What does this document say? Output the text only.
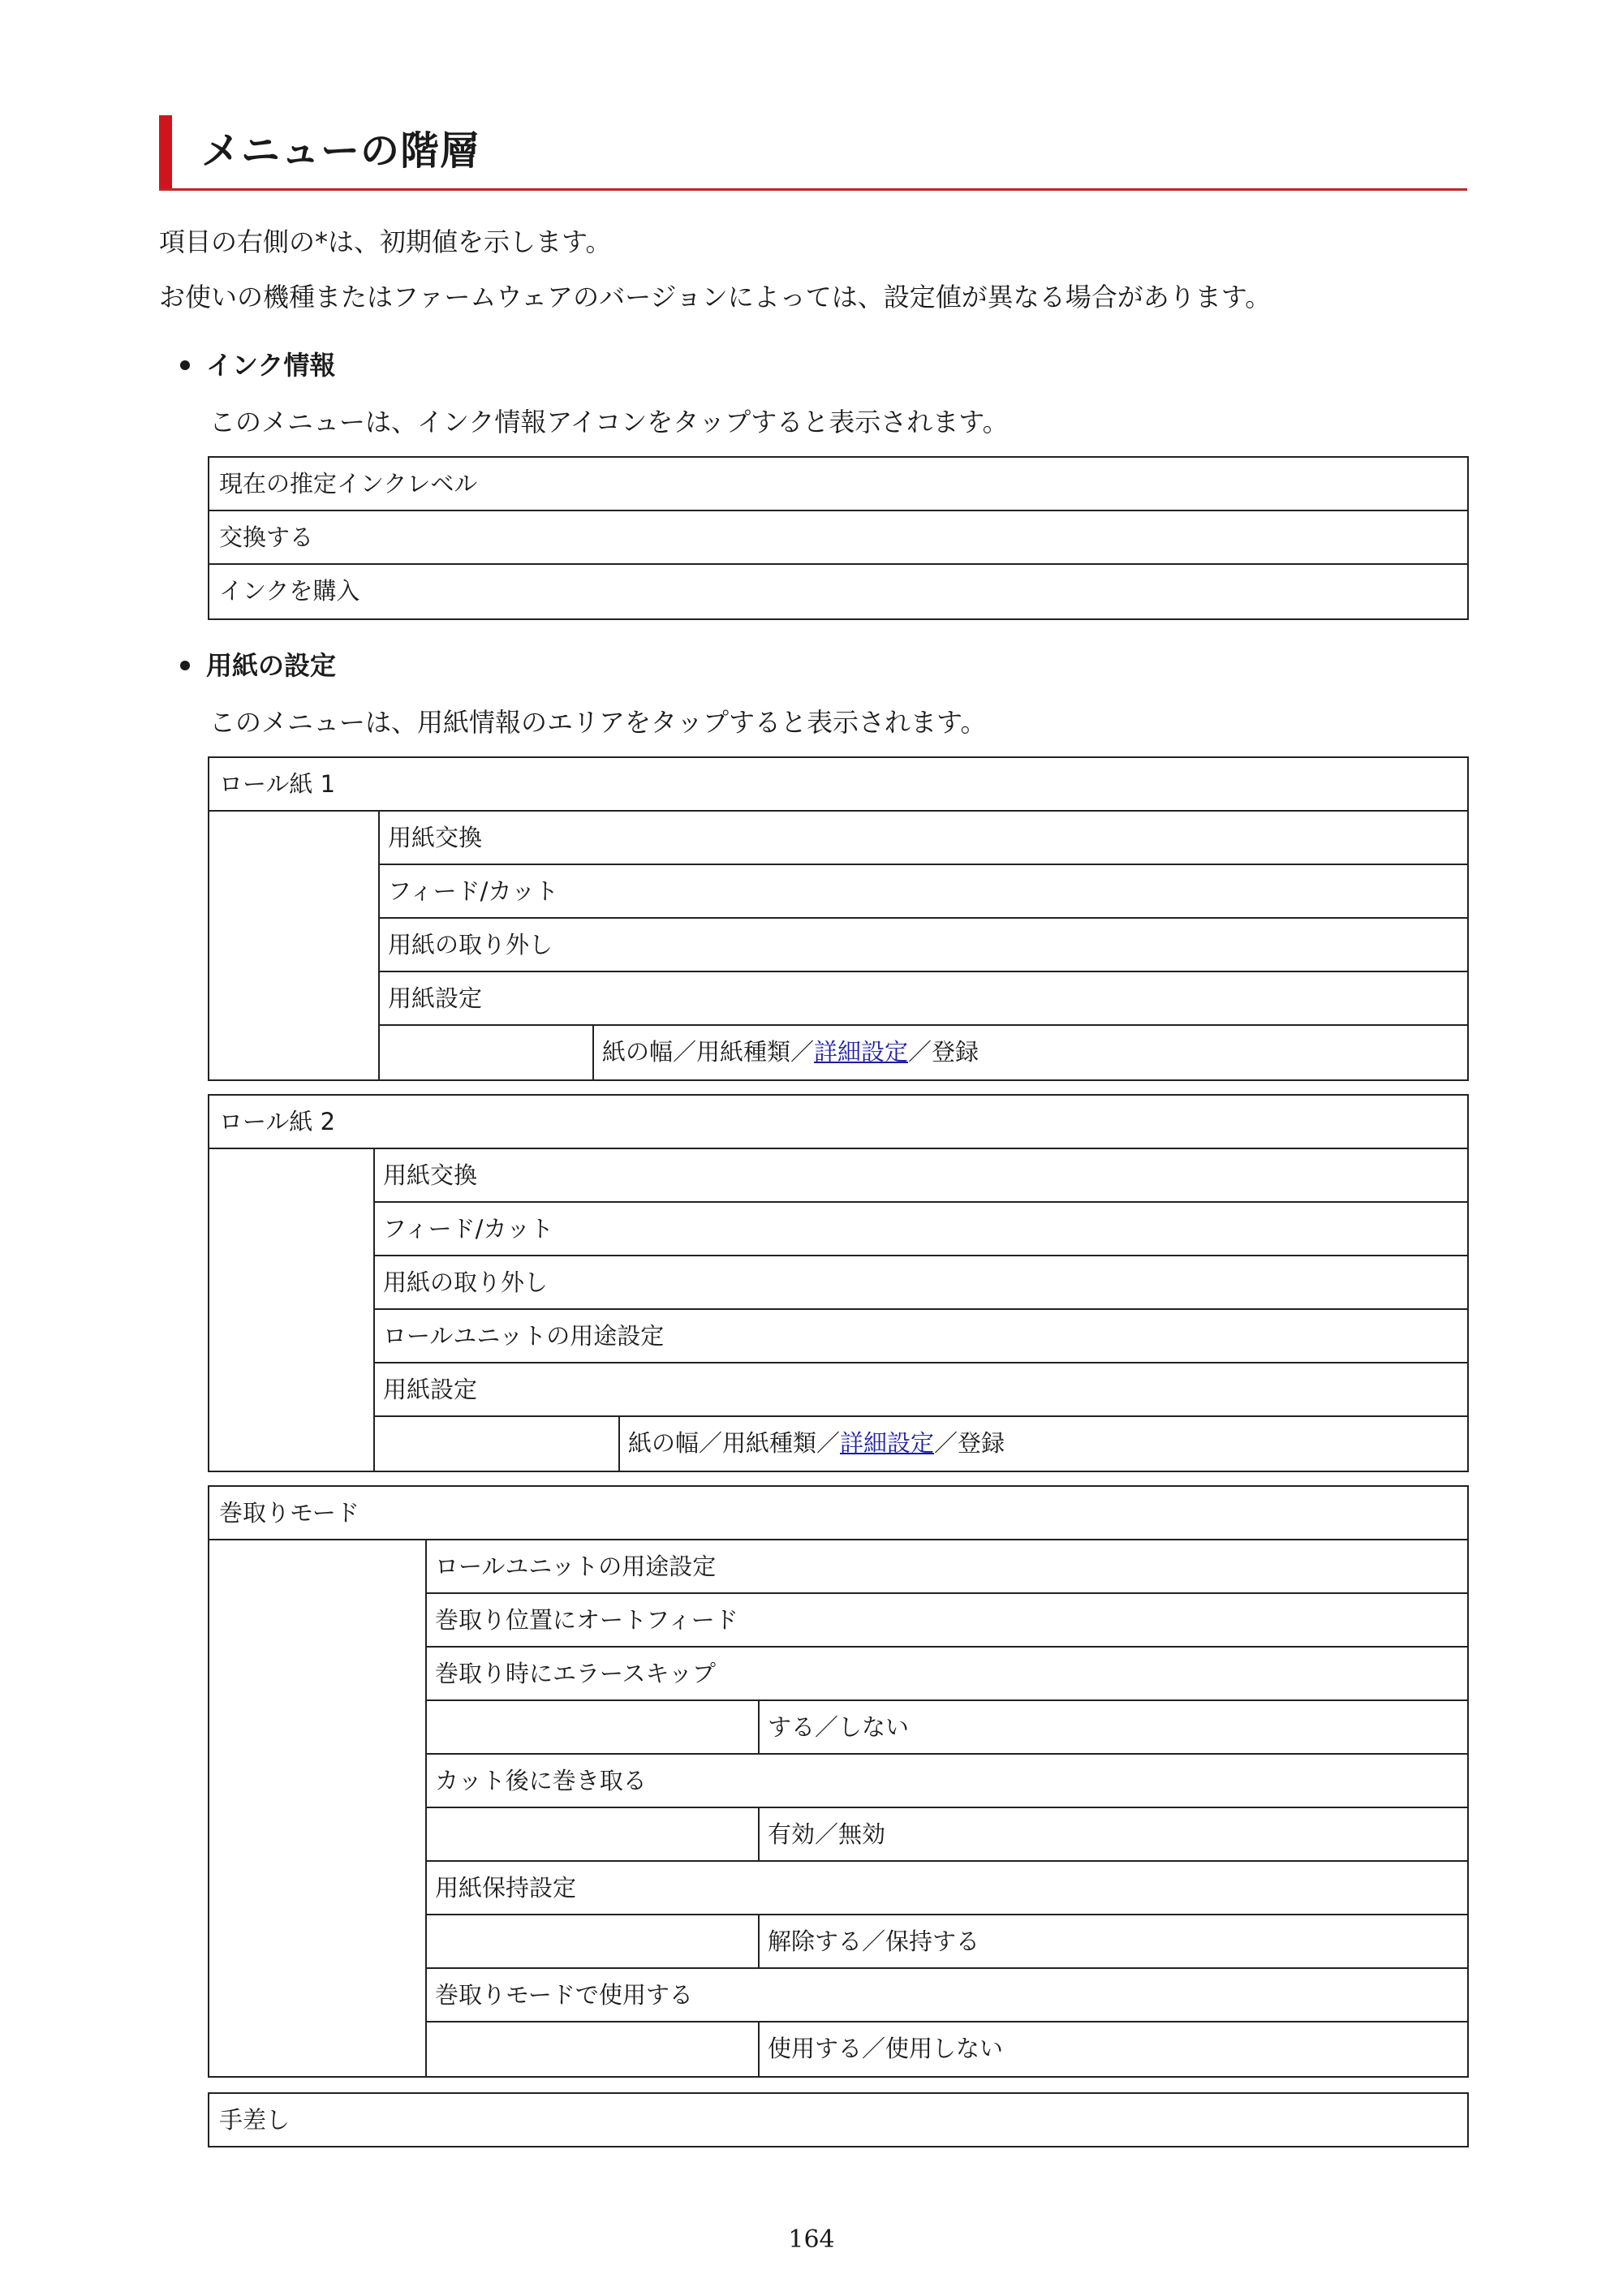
メニューの階層
項目の右側の*は、初期値を示します。
お使いの機種またはファームウェアのバージョンによっては、設定値が異なる場合があります。
インク情報
このメニューは、インク情報アイコンをタップすると表示されます。
現在の推定インクレベル
交換する
インクを購入
用紙の設定
このメニューは、用紙情報のエリアをタップすると表示されます。
ロール紙 1
用紙交換
フィード/カット
用紙の取り外し
用紙設定
紙の幅／用紙種類／詳細設定／登録
ロール紙 2
用紙交換
フィード/カット
用紙の取り外し
ロールユニットの用途設定
用紙設定
紙の幅／用紙種類／詳細設定／登録
巻取りモード
ロールユニットの用途設定
巻取り位置にオートフィード
巻取り時にエラースキップ
する／しない
カット後に巻き取る
有効／無効
用紙保持設定
解除する／保持する
巻取りモードで使用する
使用する／使用しない
手差し
164
